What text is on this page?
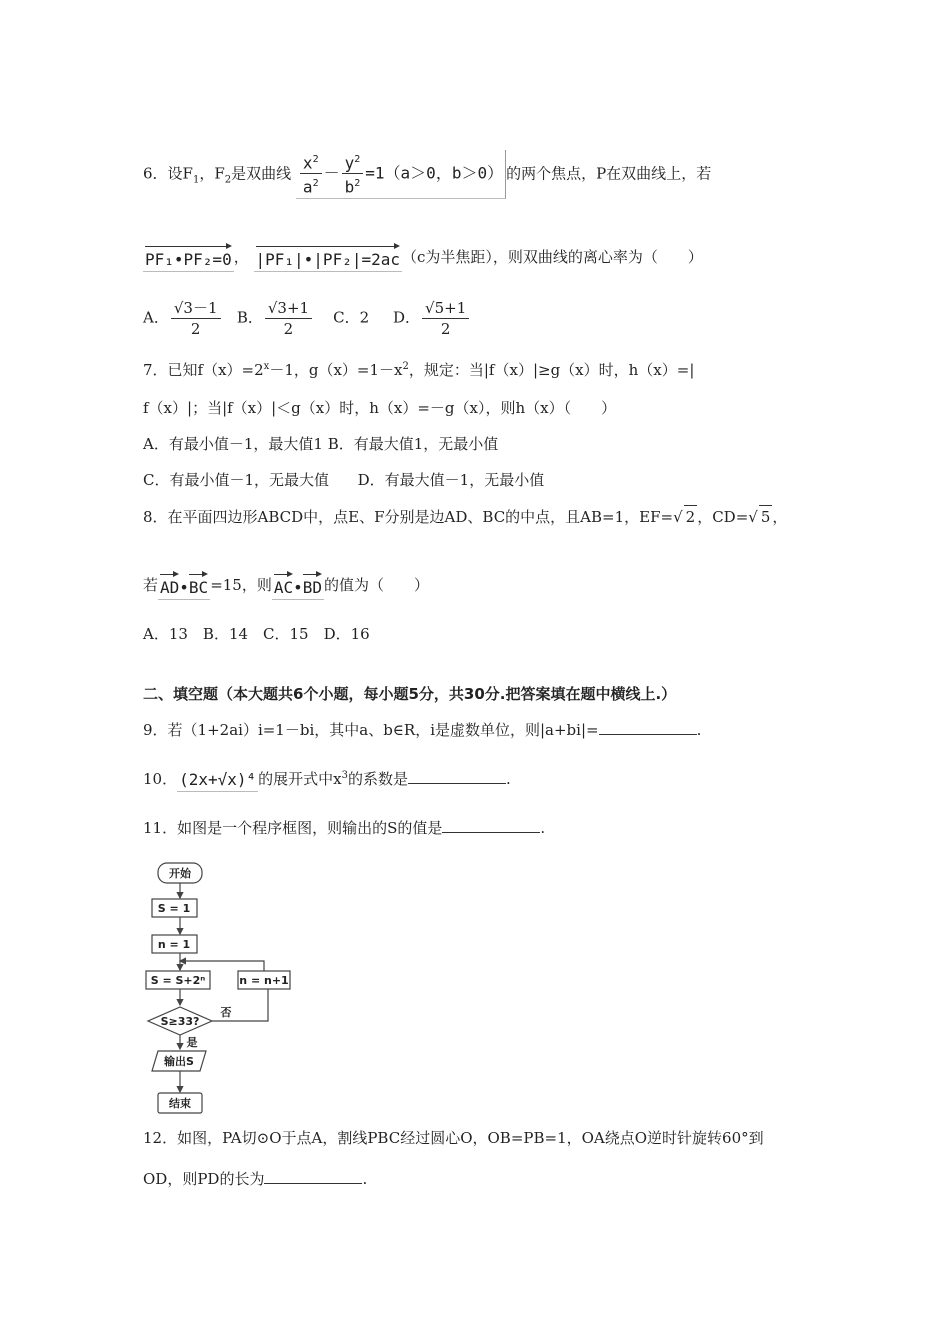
6．设$F_1$，$F_2$是双曲线 $\frac{x^2}{a^2} - \frac{y^2}{b^2} =1(a>0$，b＞0） 的两个焦点，P在双曲线上，若
PF₁•PF₂=0 ， |PF₁|•|PF₂|=2ac （c为半焦距），则双曲线的离心率为（　　）
A． $\frac{√3-1}{2}$ B． $\frac{√3+1}{2}$ C．2 D． $\frac{√5+1}{2}$
7．已知$f(x)=2^x-1$，$g(x)=1-x^2$，规定：当|f（x）|≥g（x）时，h（x）=|
f（x）|；当|f（x）|＜g（x）时，h（x）=－g（x），则h（x）（　　）
A．有最小值－1，最大值1 B．有最大值1，无最小值
C．有最小值－1，无最大值 D．有最大值－1，无最小值
8．在平面四边形ABCD中，点E、F分别是边AD、BC的中点，且AB=1，EF=√ 2 ，CD=√ 5 ，
若 AD•BC =15，则 AC•BD 的值为（　　）
A．13　B．14　C．15　D．16
二、填空题（本大题共6个小题，每小题5分，共30分.把答案填在题中横线上.）
9．若（1+2ai）i=1－bi，其中a、b∈R，i是虚数单位，则|a+bi|=	.
10． (2x+√x)⁴ 的展开式中$x^3$的系数是	.
11．如图是一个程序框图，则输出的S的值是	.
开始
S = 1
n = 1
S = S+2ⁿ	n = n+1
S≥33?
否
是
输出S
结束
12．如图，PA切⊙O于点A，割线PBC经过圆心O，OB=PB=1，OA绕点O逆时针旋转60°到
OD，则PD的长为	.
